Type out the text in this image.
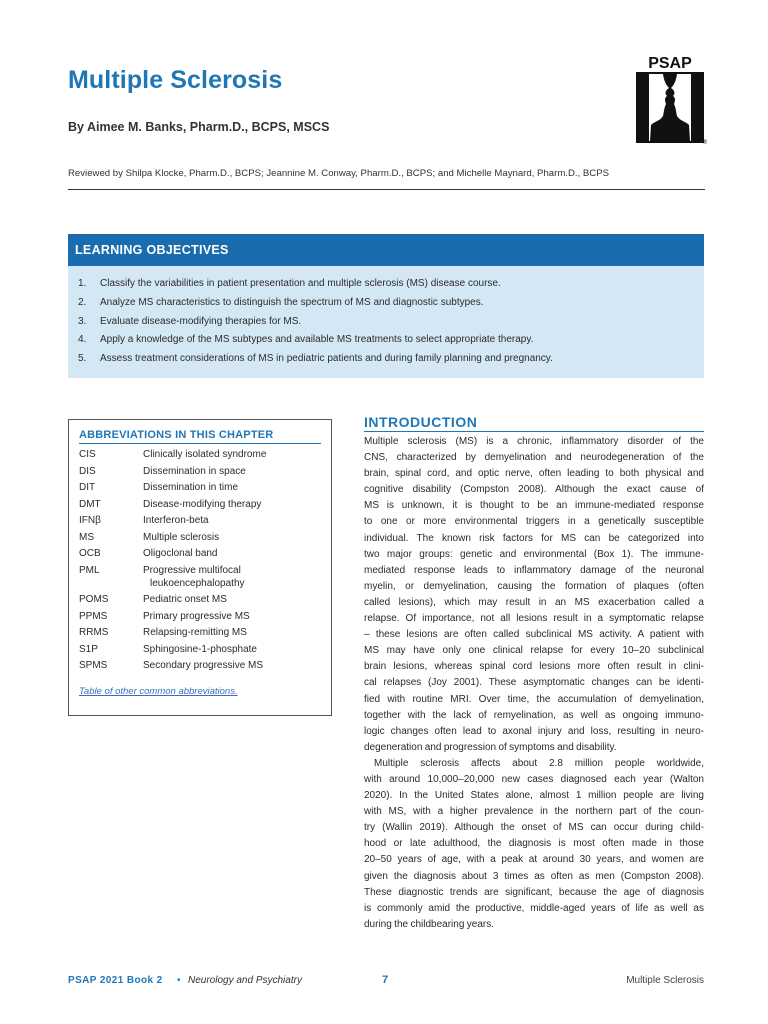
Multiple Sclerosis
By Aimee M. Banks, Pharm.D., BCPS, MSCS
Reviewed by Shilpa Klocke, Pharm.D., BCPS; Jeannine M. Conway, Pharm.D., BCPS; and Michelle Maynard, Pharm.D., BCPS
PSAP
®
LEARNING OBJECTIVES
1. Classify the variabilities in patient presentation and multiple sclerosis (MS) disease course.
2. Analyze MS characteristics to distinguish the spectrum of MS and diagnostic subtypes.
3. Evaluate disease-modifying therapies for MS.
4. Apply a knowledge of the MS subtypes and available MS treatments to select appropriate therapy.
5. Assess treatment considerations of MS in pediatric patients and during family planning and pregnancy.
ABBREVIATIONS IN THIS CHAPTER
CIS	Clinically isolated syndrome
DIS	Dissemination in space
DIT	Dissemination in time
DMT	Disease-modifying therapy
IFNβ	Interferon-beta
MS	Multiple sclerosis
OCB	Oligoclonal band
PML	Progressive multifocal
leukoencephalopathy
POMS	Pediatric onset MS
PPMS	Primary progressive MS
RRMS	Relapsing-remitting MS
S1P	Sphingosine-1-phosphate
SPMS	Secondary progressive MS
Table of other common abbreviations.
INTRODUCTION

Multiple sclerosis (MS) is a chronic, inflammatory disorder of the
CNS, characterized by demyelination and neurodegeneration of the
brain, spinal cord, and optic nerve, often leading to both physical and
cognitive disability (Compston 2008). Although the exact cause of
MS is unknown, it is thought to be an immune-mediated response
to one or more environmental triggers in a genetically susceptible
individual. The known risk factors for MS can be categorized into
two major groups: genetic and environmental (Box 1). The immune-
mediated response leads to inflammatory damage of the neuronal
myelin, or demyelination, causing the formation of plaques (often
called lesions), which may result in an MS exacerbation called a
relapse. Of importance, not all lesions result in a symptomatic relapse
– these lesions are often called subclinical MS activity. A patient with
MS may have only one clinical relapse for every 10–20 subclinical
brain lesions, whereas spinal cord lesions more often result in clini-
cal relapses (Joy 2001). These asymptomatic changes can be identi-
fied with routine MRI. Over time, the accumulation of demyelination,
together with the lack of remyelination, as well as ongoing immuno-
logic changes often lead to axonal injury and loss, resulting in neuro-
degeneration and progression of symptoms and disability.

Multiple sclerosis affects about 2.8 million people worldwide,
with around 10,000–20,000 new cases diagnosed each year (Walton
2020). In the United States alone, almost 1 million people are living
with MS, with a higher prevalence in the northern part of the coun-
try (Wallin 2019). Although the onset of MS can occur during child-
hood or late adulthood, the diagnosis is most often made in those
20–50 years of age, with a peak at around 30 years, and women are
given the diagnosis about 3 times as often as men (Compston 2008).
These diagnostic trends are significant, because the age of diagnosis
is commonly amid the productive, middle-aged years of life as well as
during the childbearing years.

PSAP 2021 Book 2 • Neurology and Psychiatry	7	Multiple Sclerosis
